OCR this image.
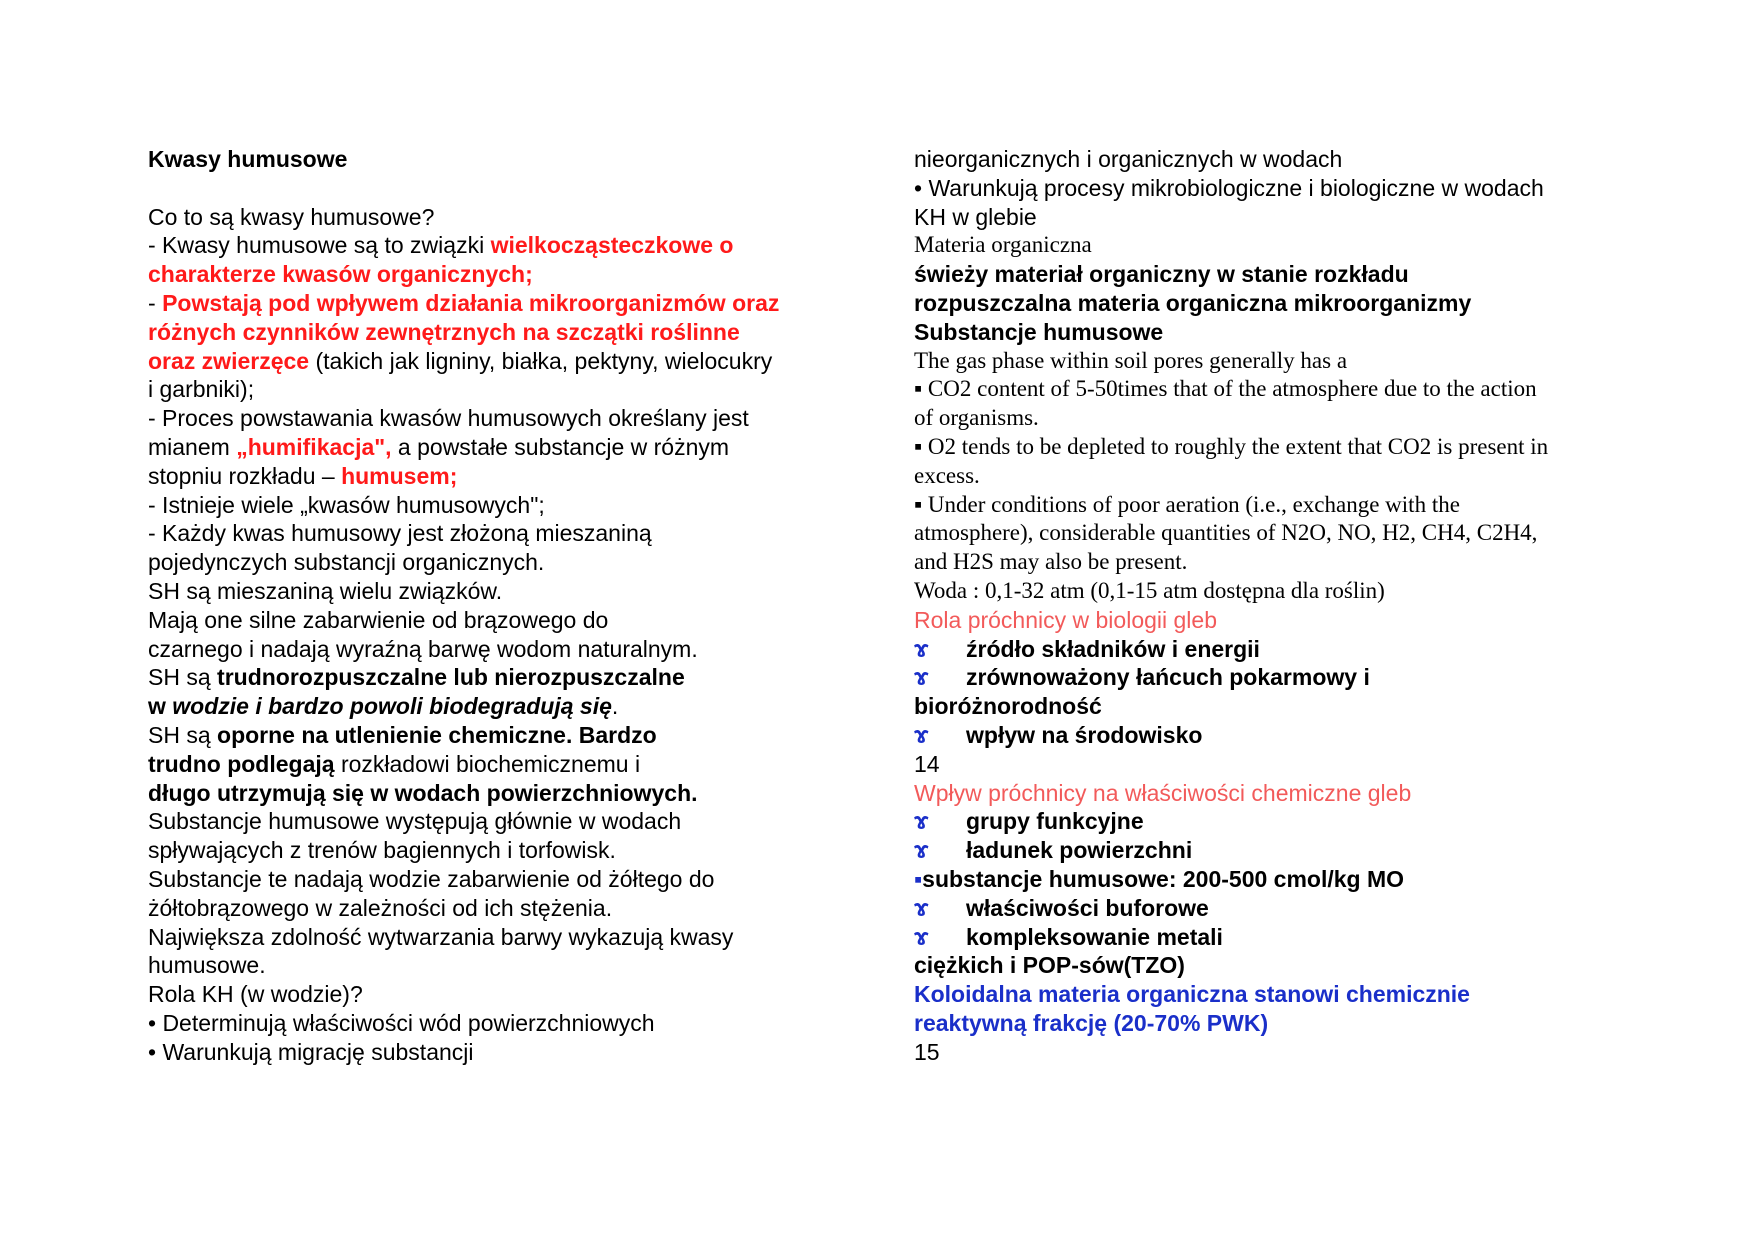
Kwasy humusowe

Co to są kwasy humusowe?

- Kwasy humusowe są to związki wielkocząsteczkowe o

charakterze kwasów organicznych;

- Powstają pod wpływem działania mikroorganizmów oraz

różnych czynników zewnętrznych na szczątki roślinne

oraz zwierzęce (takich jak ligniny, białka, pektyny, wielocukry

i garbniki);

- Proces powstawania kwasów humusowych określany jest

mianem „humifikacja", a powstałe substancje w różnym

stopniu rozkładu – humusem;

- Istnieje wiele „kwasów humusowych";

- Każdy kwas humusowy jest złożoną mieszaniną

pojedynczych substancji organicznych.

SH są mieszaniną wielu związków.

Mają one silne zabarwienie od brązowego do

czarnego i nadają wyraźną barwę wodom naturalnym.

SH są trudnorozpuszczalne lub nierozpuszczalne

w wodzie i bardzo powoli biodegradują się.

SH są oporne na utlenienie chemiczne. Bardzo

trudno podlegają rozkładowi biochemicznemu i

długo utrzymują się w wodach powierzchniowych.

Substancje humusowe występują głównie w wodach

spływających z trenów bagiennych i torfowisk.

Substancje te nadają wodzie zabarwienie od żółtego do

żółtobrązowego w zależności od ich stężenia.

Największa zdolność wytwarzania barwy wykazują kwasy

humusowe.

Rola KH (w wodzie)?

• Determinują właściwości wód powierzchniowych

• Warunkują migrację substancji

nieorganicznych i organicznych w wodach

• Warunkują procesy mikrobiologiczne i biologiczne w wodach

KH w glebie

Materia organiczna

świeży materiał organiczny w stanie rozkładu

rozpuszczalna materia organiczna mikroorganizmy

Substancje humusowe

The gas phase within soil pores generally has a

▪ CO2 content of 5-50times that of the atmosphere due to the action

of organisms.

▪ O2 tends to be depleted to roughly the extent that CO2 is present in

excess.

▪ Under conditions of poor aeration (i.e., exchange with the

atmosphere), considerable quantities of N2O, NO, H2, CH4, C2H4,

and H2S may also be present.

Woda : 0,1-32 atm (0,1-15 atm dostępna dla roślin)

Rola próchnicy w biologii gleb

ɤ źródło składników i energii

ɤ zrównoważony łańcuch pokarmowy i

bioróżnorodność

ɤ wpływ na środowisko

14

Wpływ próchnicy na właściwości chemiczne gleb

ɤ grupy funkcyjne

ɤ ładunek powierzchni

▪substancje humusowe: 200-500 cmol/kg MO

ɤ właściwości buforowe

ɤ kompleksowanie metali

ciężkich i POP-sów(TZO)

Koloidalna materia organiczna stanowi chemicznie

reaktywną frakcję (20-70% PWK)

15
